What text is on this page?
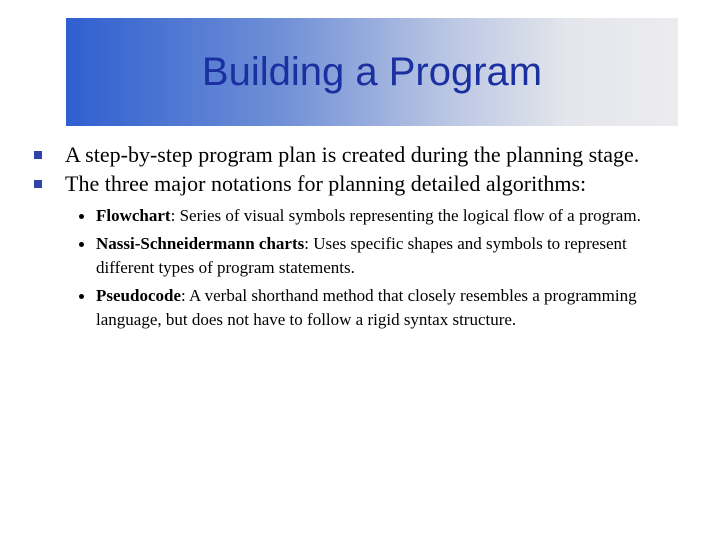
Building a Program
A step-by-step program plan is created during the planning stage.
The three major notations for planning detailed algorithms:
Flowchart: Series of visual symbols representing the logical flow of a program.
Nassi-Schneidermann charts: Uses specific shapes and symbols to represent different types of program statements.
Pseudocode: A verbal shorthand method that closely resembles a programming language, but does not have to follow a rigid syntax structure.
